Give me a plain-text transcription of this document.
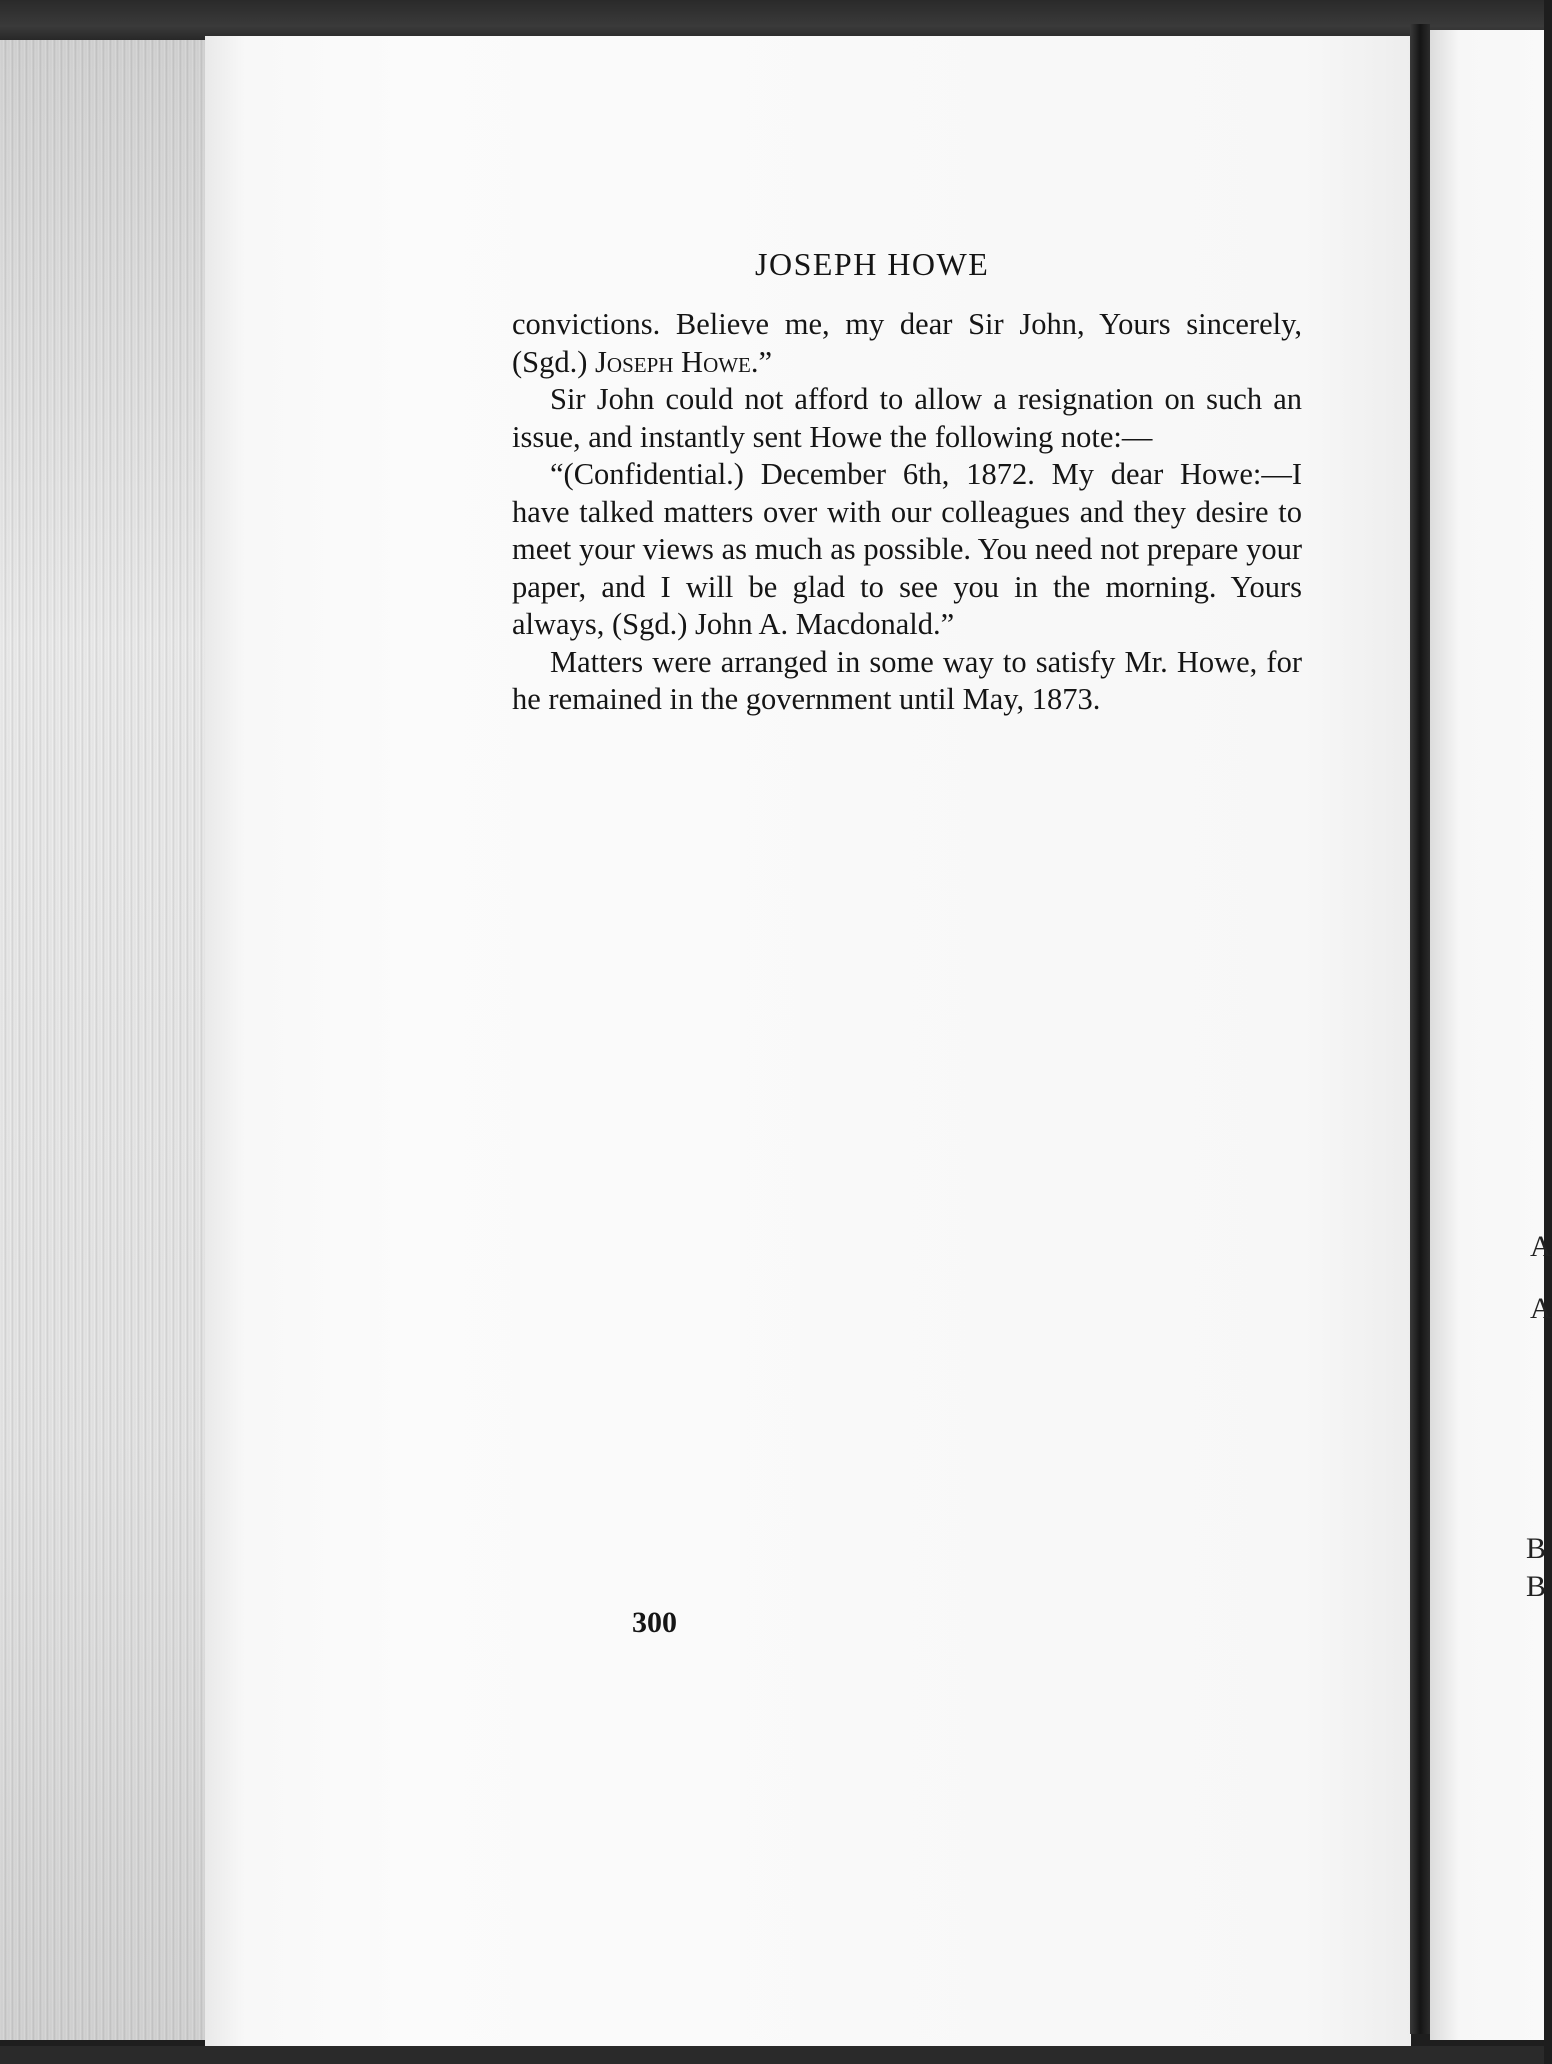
JOSEPH HOWE

convictions. Believe me, my dear Sir John, Yours sincerely, (Sgd.) Joseph Howe.”

Sir John could not afford to allow a resignation on such an issue, and instantly sent Howe the following note:—

“(Confidential.) December 6th, 1872. My dear Howe:—I have talked matters over with our colleagues and they desire to meet your views as much as possible. You need not prepare your paper, and I will be glad to see you in the morning. Yours always, (Sgd.) John A. Macdonald.”

Matters were arranged in some way to satisfy Mr. Howe, for he remained in the government until May, 1873.

300
A
A
B
B
